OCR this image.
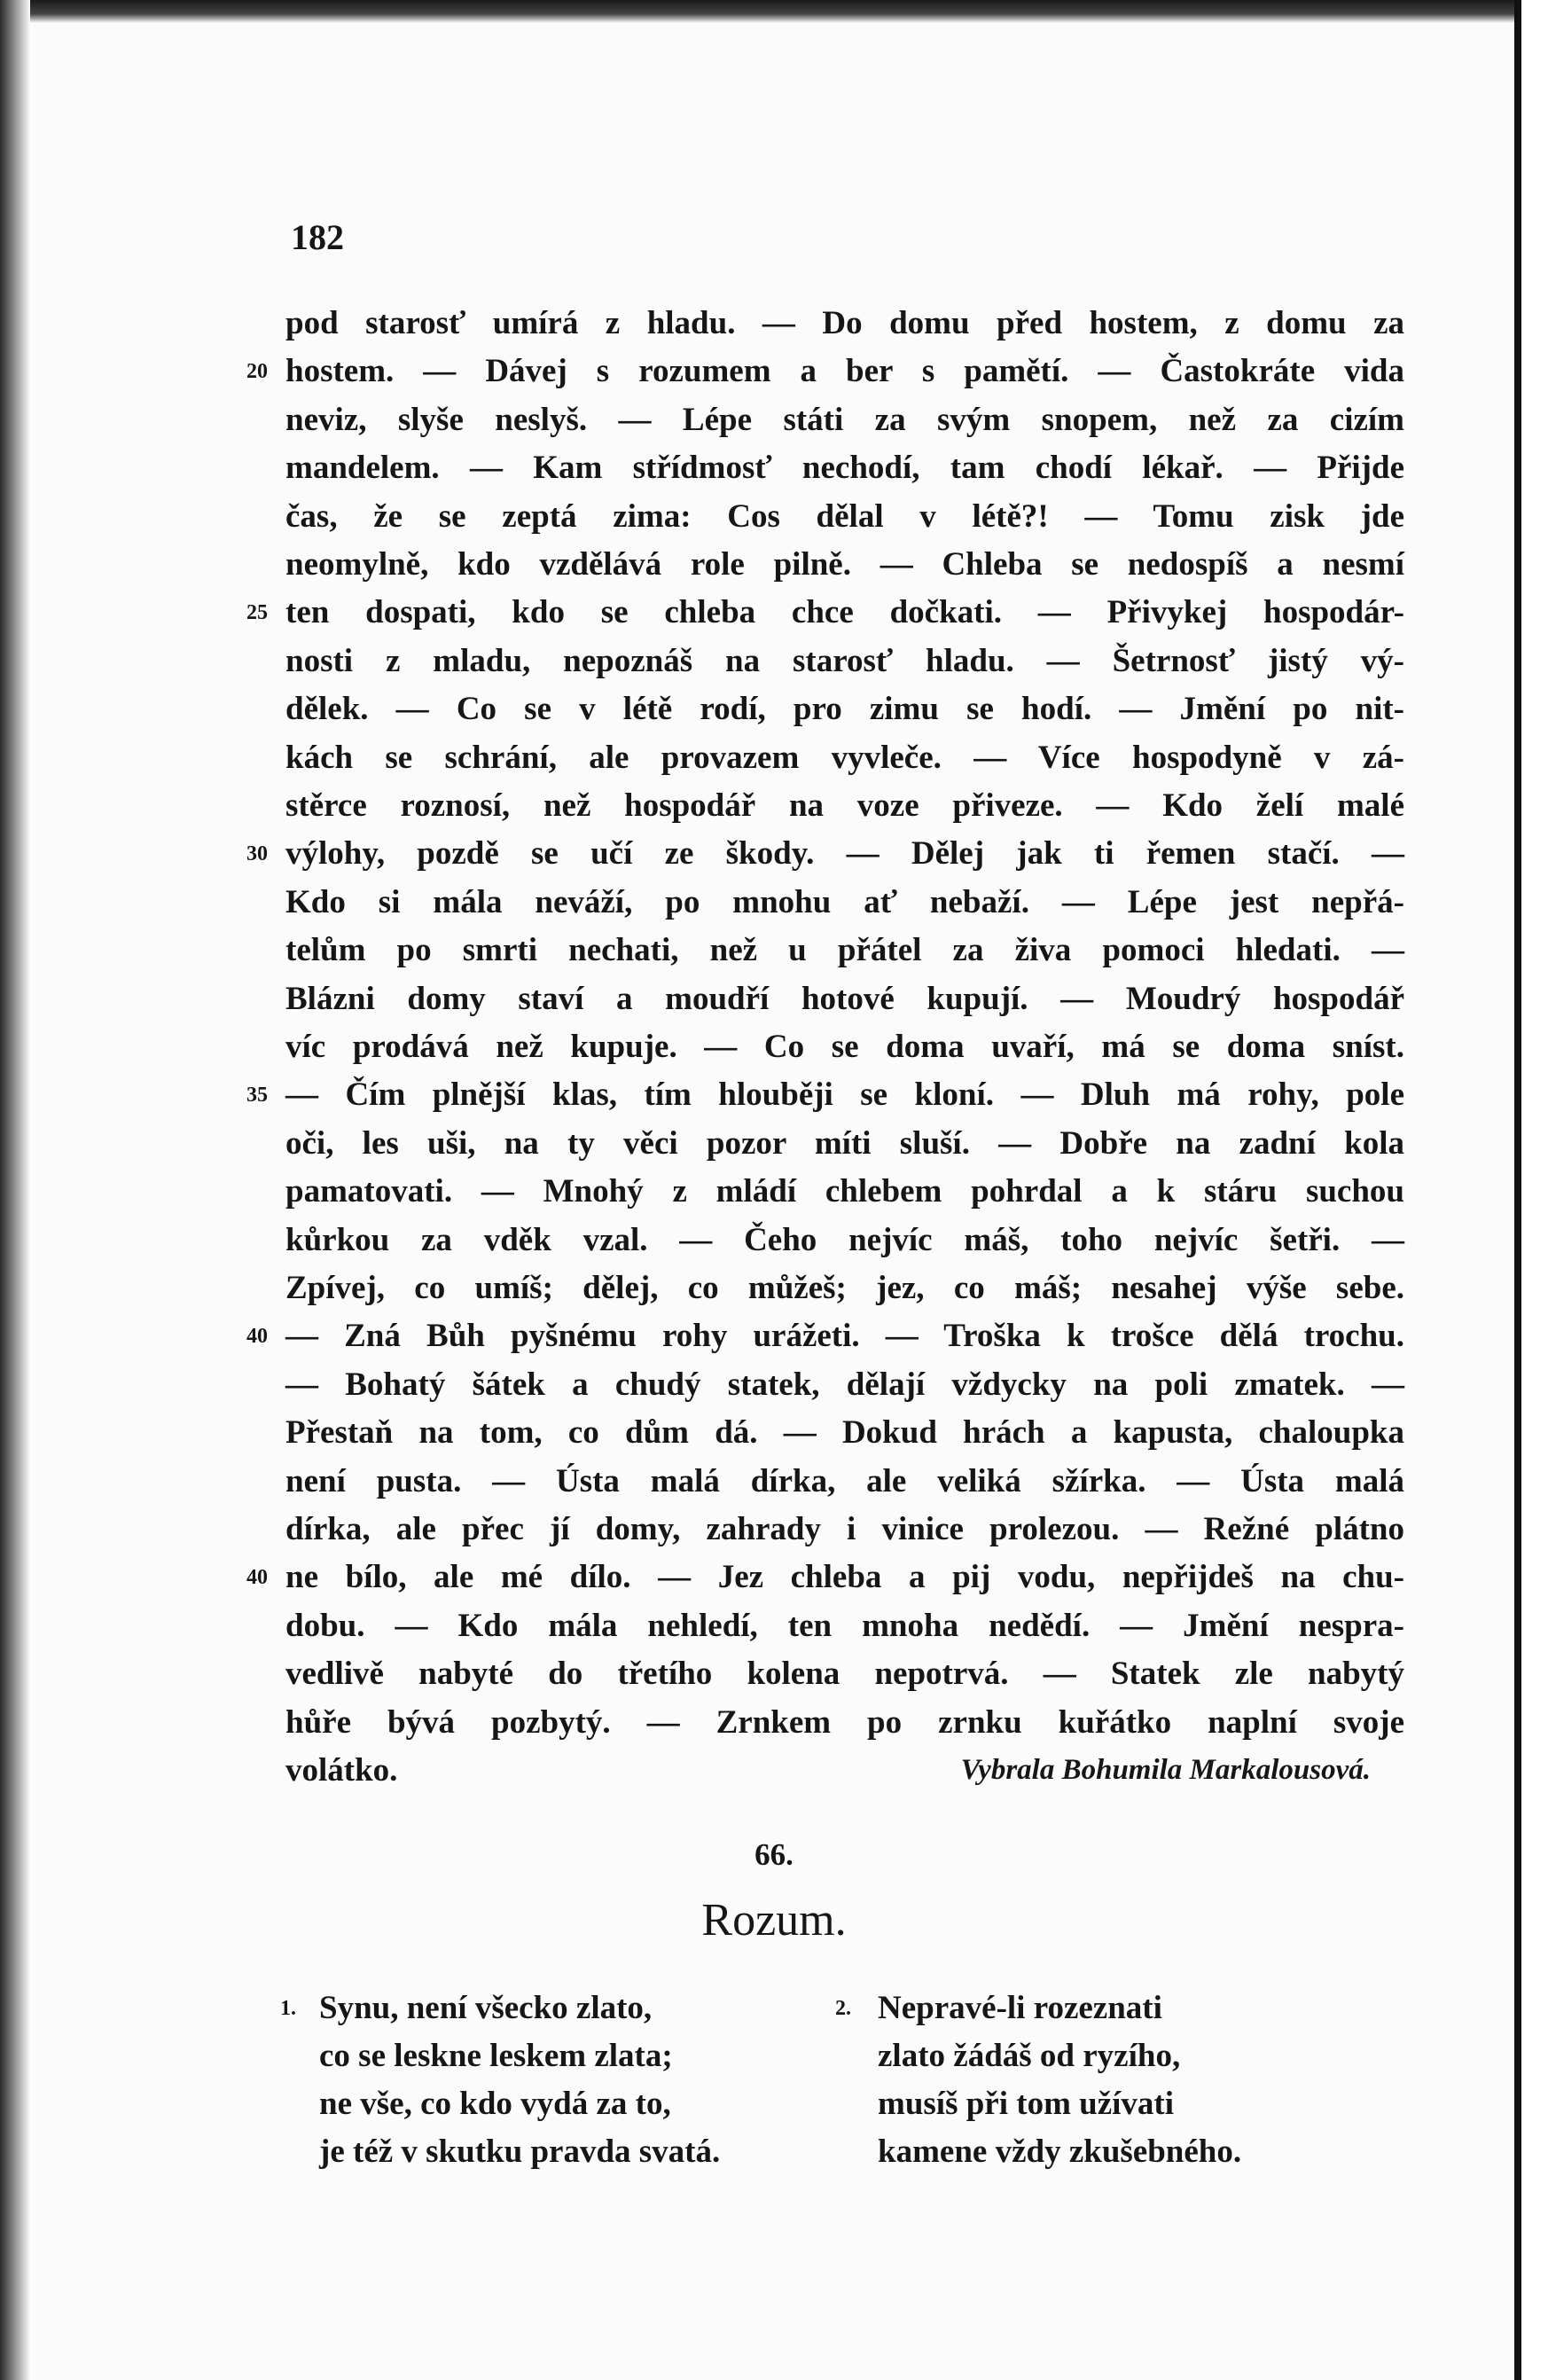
182
pod starosť umírá z hladu. — Do domu před hostem, z domu za
hostem. — Dávej s rozumem a ber s pamětí. — Častokráte vida
neviz, slyše neslyš. — Lépe státi za svým snopem, než za cizím
mandelem. — Kam střídmosť nechodí, tam chodí lékař. — Přijde
čas, že se zeptá zima: Cos dělal v létě?! — Tomu zisk jde
neomylně, kdo vzdělává role pilně. — Chleba se nedospíš a nesmí
ten dospati, kdo se chleba chce dočkati. — Přivykej hospodár-
nosti z mladu, nepoznáš na starosť hladu. — Šetrnosť jistý vý-
dělek. — Co se v létě rodí, pro zimu se hodí. — Jmění po nit-
kách se schrání, ale provazem vyvleče. — Více hospodyně v zá-
stěrce roznosí, než hospodář na voze přiveze. — Kdo želí malé
výlohy, pozdě se učí ze škody. — Dělej jak ti řemen stačí. —
Kdo si mála neváží, po mnohu ať nebaží. — Lépe jest nepřá-
telům po smrti nechati, než u přátel za živa pomoci hledati. —
Blázni domy staví a moudří hotové kupují. — Moudrý hospodář
víc prodává než kupuje. — Co se doma uvaří, má se doma sníst.
— Čím plnější klas, tím hlouběji se kloní. — Dluh má rohy, pole
oči, les uši, na ty věci pozor míti sluší. — Dobře na zadní kola
pamatovati. — Mnohý z mládí chlebem pohrdal a k stáru suchou
kůrkou za vděk vzal. — Čeho nejvíc máš, toho nejvíc šetři. —
Zpívej, co umíš; dělej, co můžeš; jez, co máš; nesahej výše sebe.
— Zná Bůh pyšnému rohy urážeti. — Troška k trošce dělá trochu.
— Bohatý šátek a chudý statek, dělají vždycky na poli zmatek. —
Přestaň na tom, co dům dá. — Dokud hrách a kapusta, chaloupka
není pusta. — Ústa malá dírka, ale veliká sžírka. — Ústa malá
dírka, ale přec jí domy, zahrady i vinice prolezou. — Režné plátno
ne bílo, ale mé dílo. — Jez chleba a pij vodu, nepřijdeš na chu-
dobu. — Kdo mála nehledí, ten mnoha nedědí. — Jmění nespra-
vedlivě nabyté do třetího kolena nepotrvá. — Statek zle nabytý
hůře bývá pozbytý. — Zrnkem po zrnku kuřátko naplní svoje
volátko.
20
25
30
35
40
40
Vybrala Bohumila Markalousová.
66.
Rozum.
1. Synu, není všecko zlato,
co se leskne leskem zlata;
ne vše, co kdo vydá za to,
je též v skutku pravda svatá.
2. Nepravé-li rozeznati
zlato žádáš od ryzího,
musíš při tom užívati
kamene vždy zkušebného.
